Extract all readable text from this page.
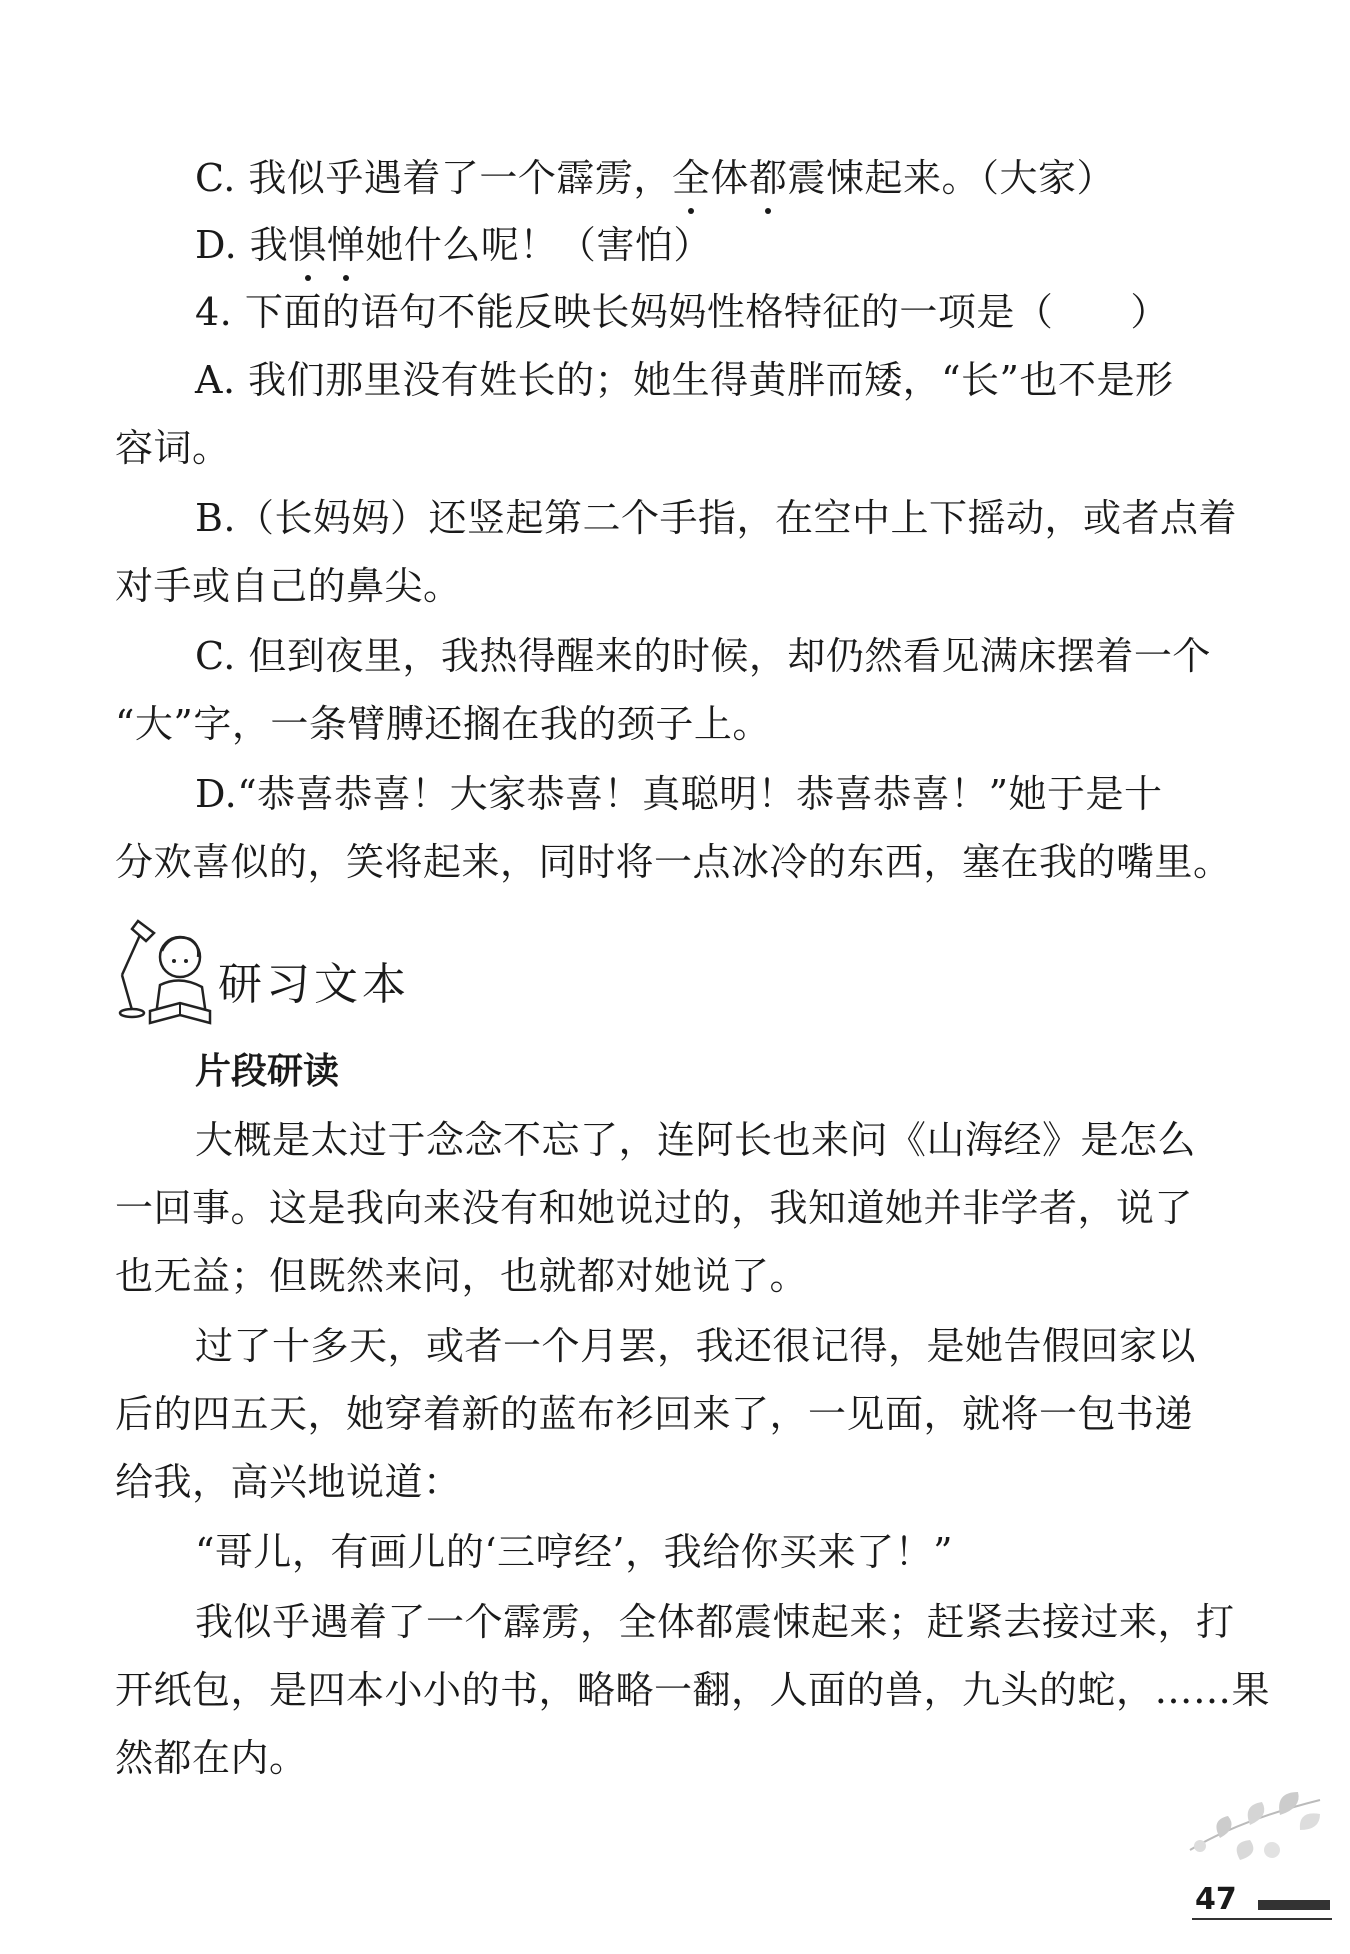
C. 我似乎遇着了一个霹雳，全体都震悚起来。（大家）
D. 我惧惮她什么呢！（害怕）
4. 下面的语句不能反映长妈妈性格特征的一项是（　　）
A. 我们那里没有姓长的；她生得黄胖而矮，“长”也不是形
容词。
B.（长妈妈）还竖起第二个手指，在空中上下摇动，或者点着
对手或自己的鼻尖。
C. 但到夜里，我热得醒来的时候，却仍然看见满床摆着一个
“大”字，一条臂膊还搁在我的颈子上。
D.“恭喜恭喜！大家恭喜！真聪明！恭喜恭喜！”她于是十
分欢喜似的，笑将起来，同时将一点冰冷的东西，塞在我的嘴里。
研习文本
片段研读
大概是太过于念念不忘了，连阿长也来问《山海经》是怎么
一回事。这是我向来没有和她说过的，我知道她并非学者，说了
也无益；但既然来问，也就都对她说了。
过了十多天，或者一个月罢，我还很记得，是她告假回家以
后的四五天，她穿着新的蓝布衫回来了，一见面，就将一包书递
给我，高兴地说道：
“哥儿，有画儿的‘三哼经’，我给你买来了！”
我似乎遇着了一个霹雳，全体都震悚起来；赶紧去接过来，打
开纸包，是四本小小的书，略略一翻，人面的兽，九头的蛇，……果
然都在内。
47
